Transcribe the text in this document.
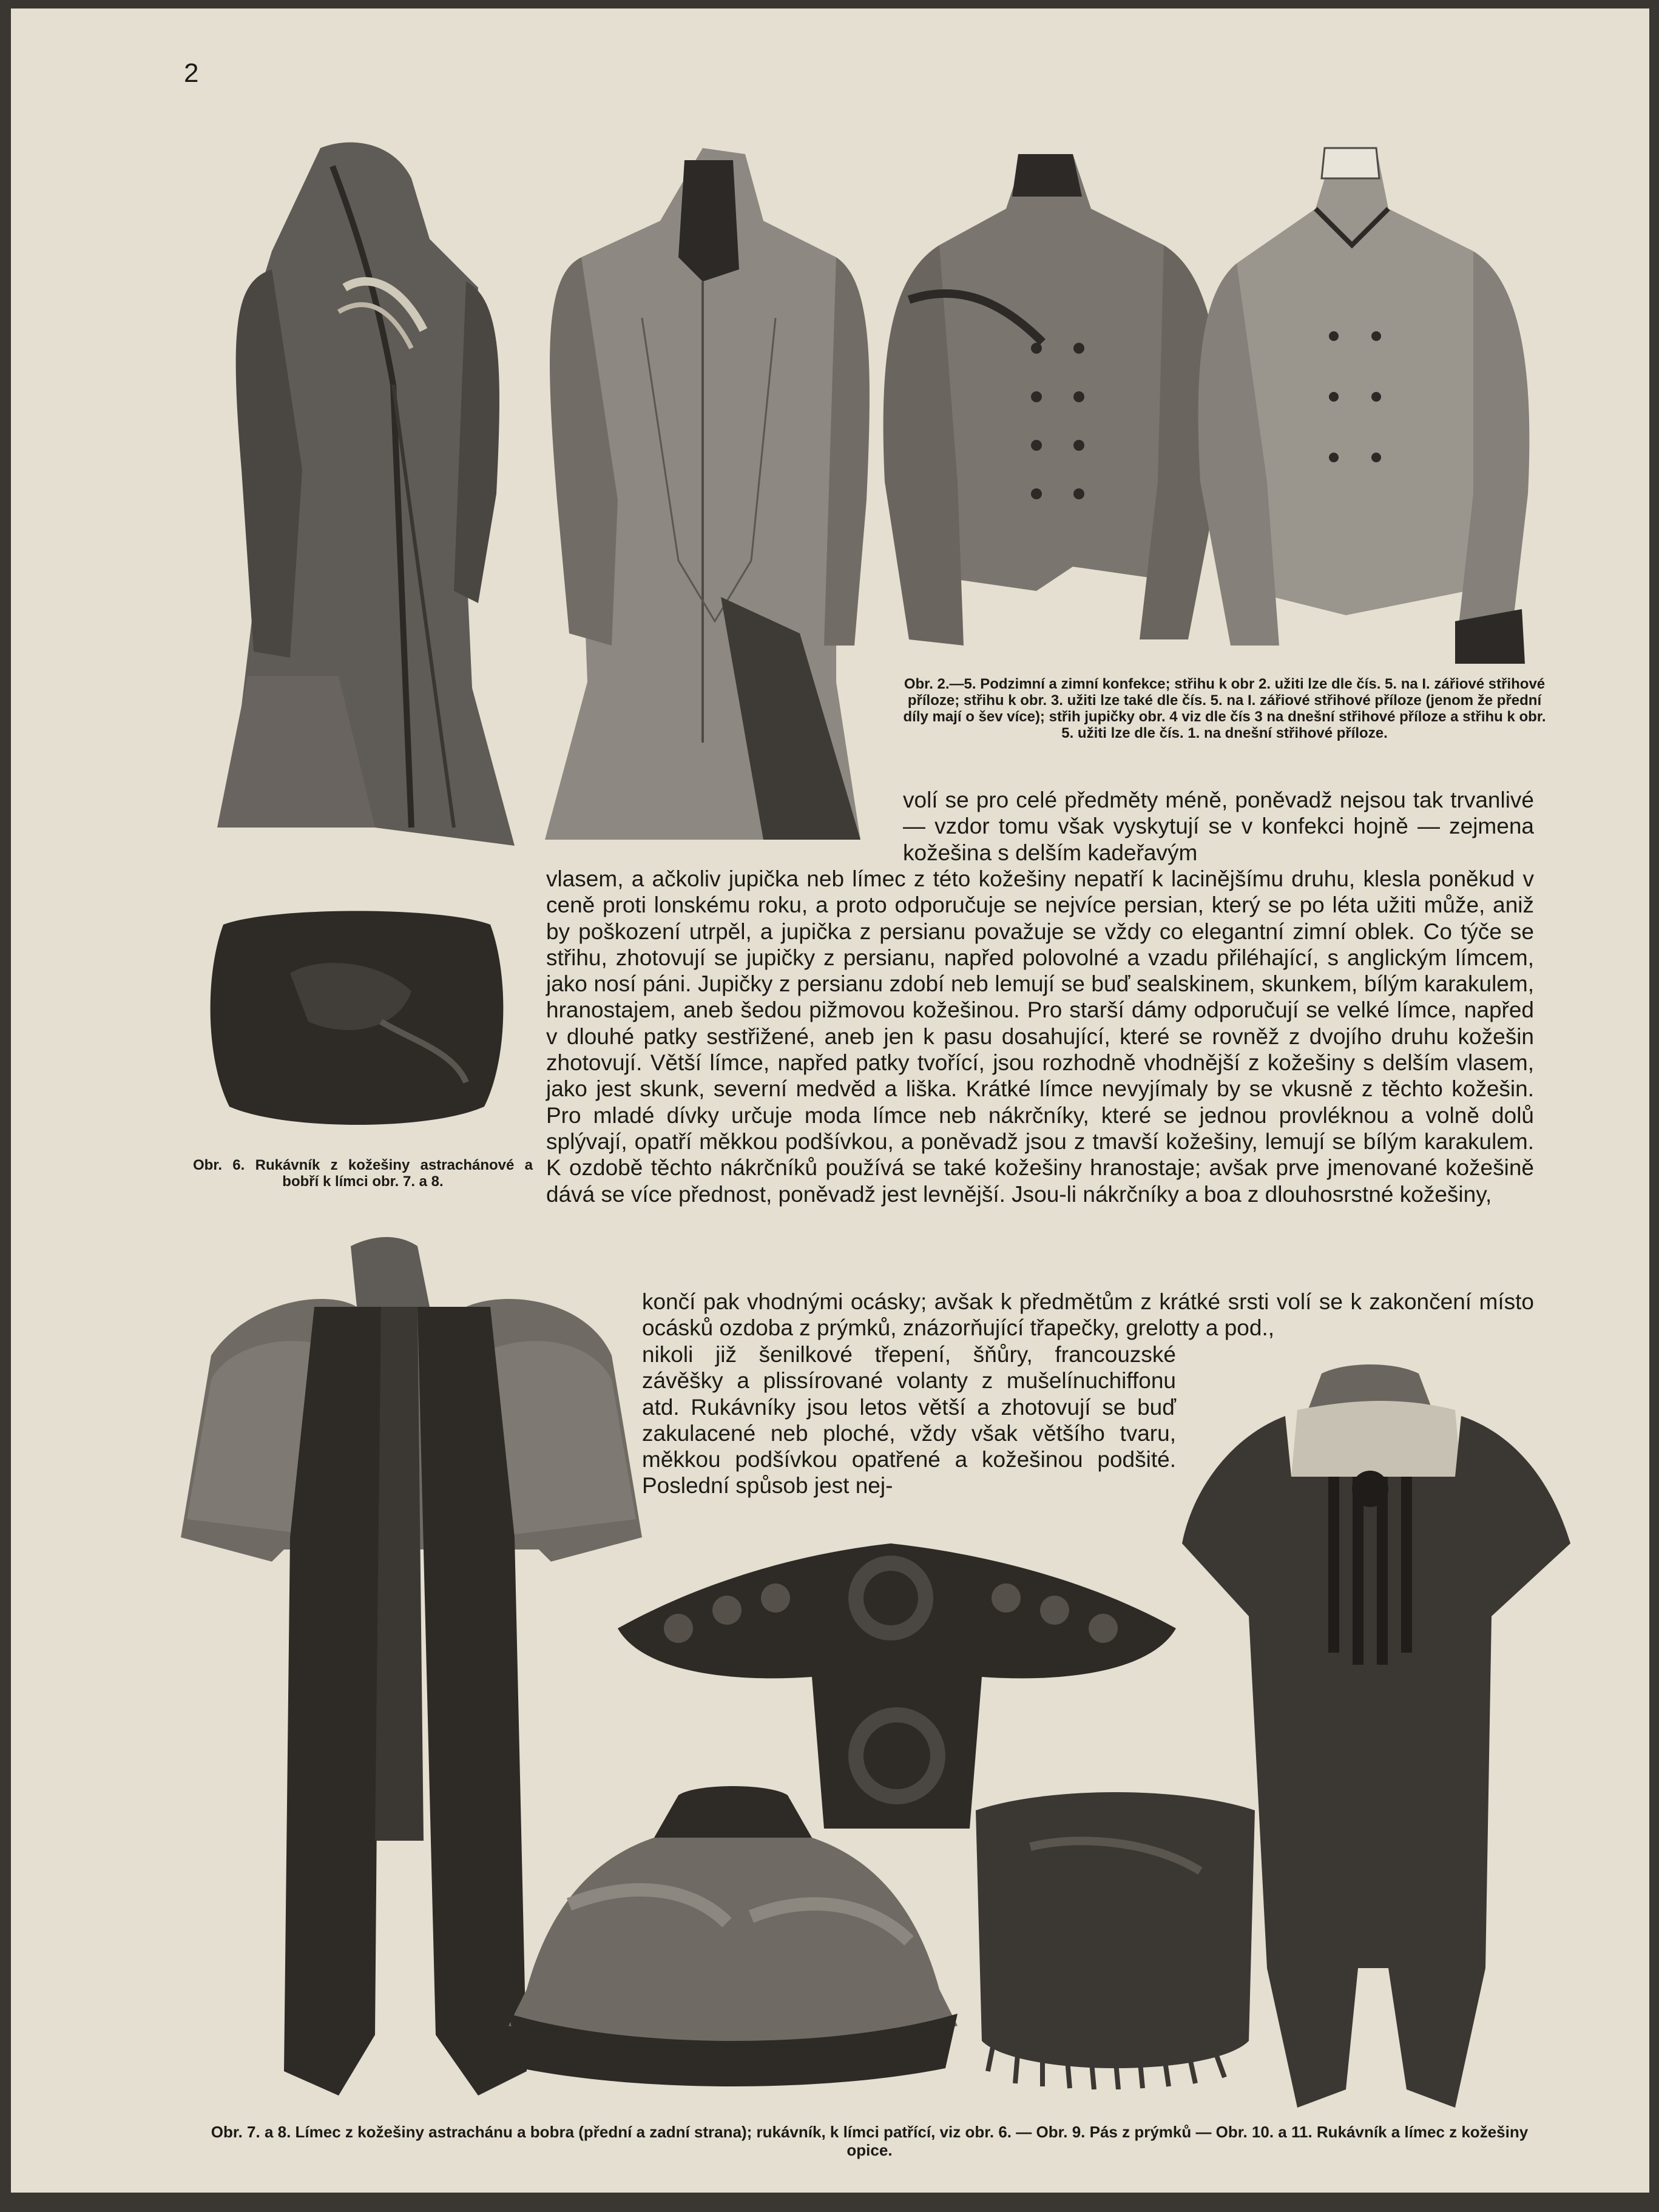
2
Obr. 2.—5. Podzimní a zimní konfekce; střihu k obr 2. užiti lze dle čís. 5. na I. zářiové střihové příloze; střihu k obr. 3. užiti lze také dle čís. 5. na I. zářiové střihové příloze (jenom že přední díly mají o šev více); střih jupičky obr. 4 viz dle čís 3 na dnešní střihové příloze a střihu k obr. 5. užiti lze dle čís. 1. na dnešní střihové příloze.
Obr. 6. Rukávník z kožešiny astrachánové a bobří k límci obr. 7. a 8.

volí se pro celé předměty méně, poněvadž nejsou tak trvanlivé — vzdor tomu však vyskytují se v konfekci hojně — zejmena kožešina s delším kadeřavým

vlasem, a ačkoliv jupička neb límec z této kožešiny nepatří k lacinějšímu druhu, klesla poněkud v ceně proti lonskému roku, a proto odporučuje se nejvíce persian, který se po léta užiti může, aniž by poškození utrpěl, a jupička z persianu považuje se vždy co elegantní zimní oblek. Co týče se střihu, zhotovují se jupičky z persianu, napřed polovolné a vzadu přiléhající, s anglickým límcem, jako nosí páni. Jupičky z persianu zdobí neb lemují se buď sealskinem, skunkem, bílým karakulem, hranostajem, aneb šedou pižmovou kožešinou. Pro starší dámy odporučují se velké límce, napřed v dlouhé patky sestřižené, aneb jen k pasu dosahující, které se rovněž z dvojího druhu kožešin zhotovují. Větší límce, napřed patky tvořící, jsou rozhodně vhodnější z kožešiny s delším vlasem, jako jest skunk, severní medvěd a liška. Krátké límce nevyjímaly by se vkusně z těchto kožešin. Pro mladé dívky určuje moda límce neb nákrčníky, které se jednou provléknou a volně dolů splývají, opatří měkkou podšívkou, a poněvadž jsou z tmavší kožešiny, lemují se bílým karakulem. K ozdobě těchto nákrčníků používá se také kožešiny hranostaje; avšak prve jmenované kožešině dává se více přednost, poněvadž jest levnější. Jsou-li nákrčníky a boa z dlouhosrstné kožešiny,

končí pak vhodnými ocásky; avšak k předmětům z krátké srsti volí se k zakončení místo ocásků ozdoba z prýmků, znázorňující třapečky, grelotty a pod.,

nikoli již šenilkové třepení, šňůry, francouzské závěšky a plissírované volanty z mušelínuchiffonu atd. Rukávníky jsou letos větší a zhotovují se buď zakulacené neb ploché, vždy však většího tvaru, měkkou podšívkou opatřené a kožešinou podšité. Poslední spůsob jest nej-

Obr. 7. a 8. Límec z kožešiny astrachánu a bobra (přední a zadní strana); rukávník, k límci patřící, viz obr. 6. — Obr. 9. Pás z prýmků — Obr. 10. a 11. Rukávník a límec z kožešiny opice.
